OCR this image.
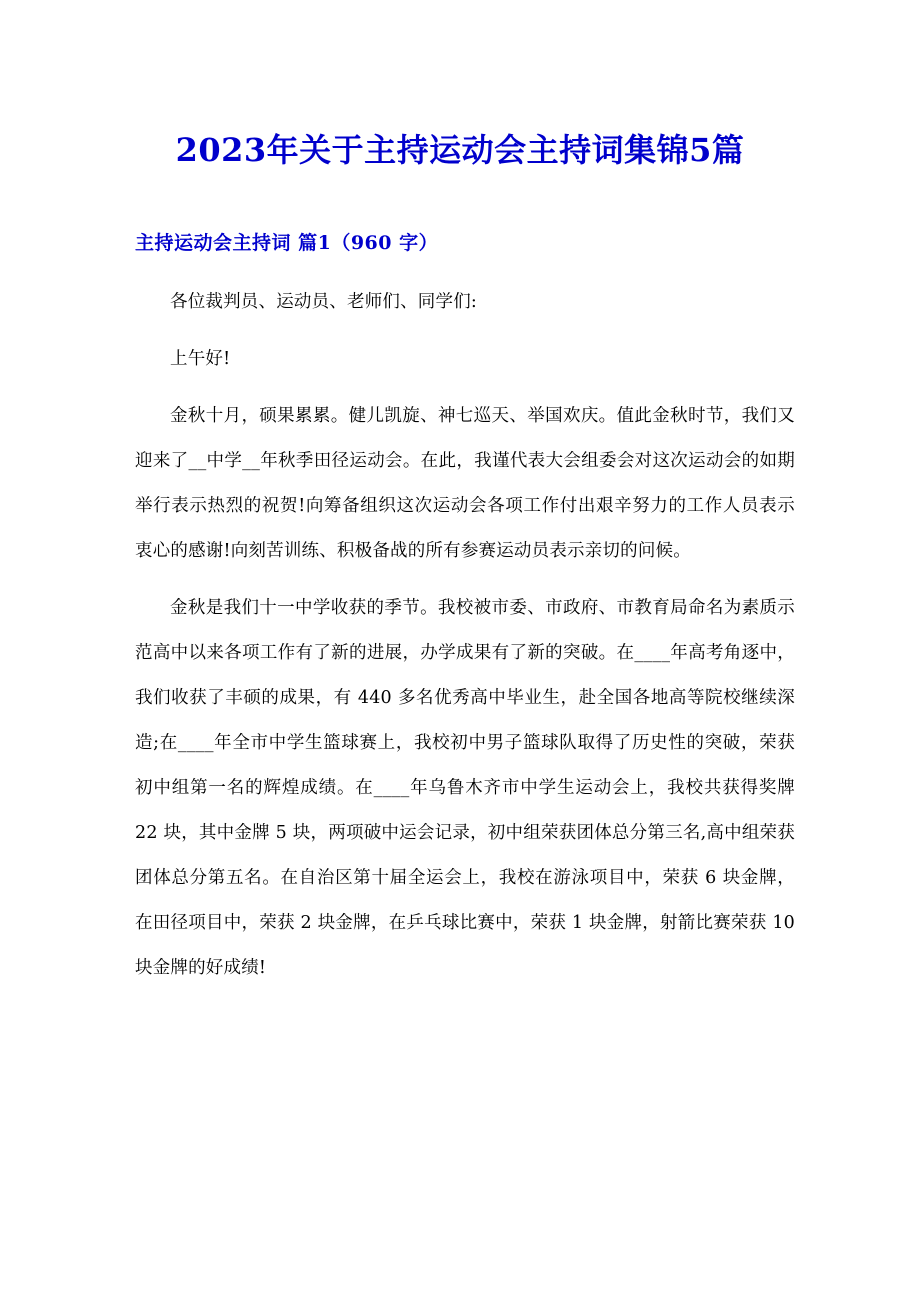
2023年关于主持运动会主持词集锦5篇
主持运动会主持词 篇1（960 字）

各位裁判员、运动员、老师们、同学们:

上午好!

金秋十月，硕果累累。健儿凯旋、神七巡天、举国欢庆。值此金秋时节，我们又迎来了__中学__年秋季田径运动会。在此，我谨代表大会组委会对这次运动会的如期举行表示热烈的祝贺!向筹备组织这次运动会各项工作付出艰辛努力的工作人员表示衷心的感谢!向刻苦训练、积极备战的所有参赛运动员表示亲切的问候。

金秋是我们十一中学收获的季节。我校被市委、市政府、市教育局命名为素质示范高中以来各项工作有了新的进展，办学成果有了新的突破。在____年高考角逐中，我们收获了丰硕的成果，有 440 多名优秀高中毕业生，赴全国各地高等院校继续深造;在____年全市中学生篮球赛上，我校初中男子篮球队取得了历史性的突破，荣获初中组第一名的辉煌成绩。在____年乌鲁木齐市中学生运动会上，我校共获得奖牌 22 块，其中金牌 5 块，两项破中运会记录，初中组荣获团体总分第三名,高中组荣获团体总分第五名。在自治区第十届全运会上，我校在游泳项目中，荣获 6 块金牌，在田径项目中，荣获 2 块金牌，在乒乓球比赛中，荣获 1 块金牌，射箭比赛荣获 10 块金牌的好成绩!
